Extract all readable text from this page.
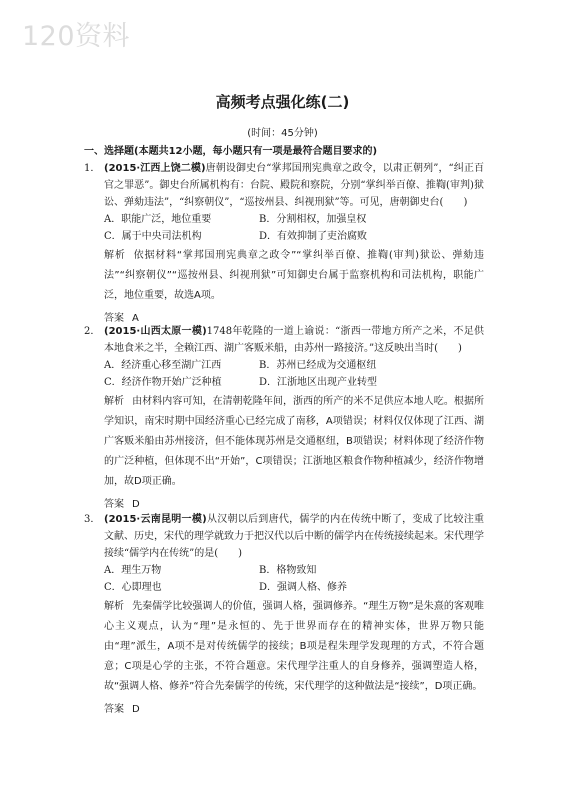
120资料
高频考点强化练(二)
(时间：45分钟)
一、选择题(本题共12小题，每小题只有一项是最符合题目要求的)
1． (2015·江西上饶二模)唐朝设御史台“掌邦国刑宪典章之政令，以肃正朝列”，“纠正百官之罪恶”。御史台所属机构有：台院、殿院和察院，分别“掌纠举百僚、推鞫(审判)狱讼、弹劾违法”，“纠察朝仪”，“巡按州县、纠视刑狱”等。可见，唐朝御史台(　　)
A．职能广泛，地位重要	B．分割相权，加强皇权
C．属于中央司法机构	D．有效抑制了吏治腐败
解析 依据材料“掌邦国刑宪典章之政令”“掌纠举百僚、推鞫(审判)狱讼、弹劾违法”“纠察朝仪”“巡按州县、纠视刑狱”可知御史台属于监察机构和司法机构，职能广泛，地位重要，故选A项。
答案 A
2． (2015·山西太原一模)1748年乾隆的一道上谕说：“浙西一带地方所产之米，不足供本地食米之半，全赖江西、湖广客贩米船，由苏州一路接济。”这反映出当时(　　)
A．经济重心移至湖广江西	B．苏州已经成为交通枢纽
C．经济作物开始广泛种植	D．江浙地区出现产业转型
解析 由材料内容可知，在清朝乾隆年间，浙西的所产的米不足供应本地人吃。根据所学知识，南宋时期中国经济重心已经完成了南移，A项错误；材料仅仅体现了江西、湖广客贩米船由苏州接济，但不能体现苏州是交通枢纽，B项错误；材料体现了经济作物的广泛种植，但体现不出“开始”，C项错误；江浙地区粮食作物种植减少，经济作物增加，故D项正确。
答案 D
3． (2015·云南昆明一模)从汉朝以后到唐代，儒学的内在传统中断了，变成了比较注重文献、历史，宋代的理学就致力于把汉代以后中断的儒学内在传统接续起来。宋代理学接续“儒学内在传统”的是(　　)
A．理生万物	B．格物致知
C．心即理也	D．强调人格、修养
解析 先秦儒学比较强调人的价值，强调人格，强调修养。“理生万物”是朱熹的客观唯心主义观点，认为“理”是永恒的、先于世界而存在的精神实体，世界万物只能由“理”派生，A项不是对传统儒学的接续；B项是程朱理学发现理的方式，不符合题意；C项是心学的主张，不符合题意。宋代理学注重人的自身修养，强调塑造人格，故“强调人格、修养”符合先秦儒学的传统，宋代理学的这种做法是“接续”，D项正确。
答案 D
